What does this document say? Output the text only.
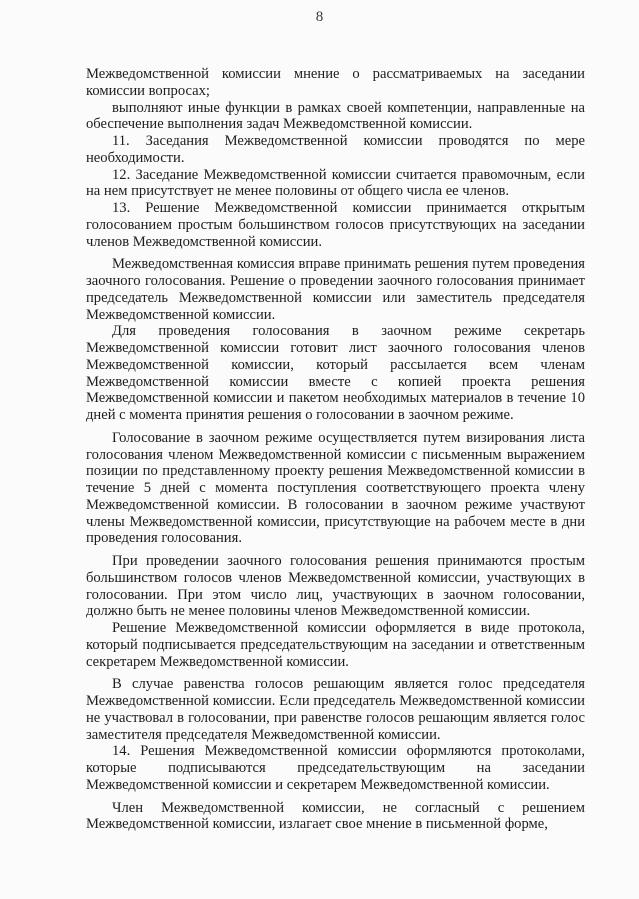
8

Межведомственной комиссии мнение о рассматриваемых на заседании комиссии вопросах;

выполняют иные функции в рамках своей компетенции, направленные на обеспечение выполнения задач Межведомственной комиссии.

11. Заседания Межведомственной комиссии проводятся по мере необходимости.

12. Заседание Межведомственной комиссии считается правомочным, если на нем присутствует не менее половины от общего числа ее членов.

13. Решение Межведомственной комиссии принимается открытым голосованием простым большинством голосов присутствующих на заседании членов Межведомственной комиссии.

Межведомственная комиссия вправе принимать решения путем проведения заочного голосования. Решение о проведении заочного голосования принимает председатель Межведомственной комиссии или заместитель председателя Межведомственной комиссии.

Для проведения голосования в заочном режиме секретарь Межведомственной комиссии готовит лист заочного голосования членов Межведомственной комиссии, который рассылается всем членам Межведомственной комиссии вместе с копией проекта решения Межведомственной комиссии и пакетом необходимых материалов в течение 10 дней с момента принятия решения о голосовании в заочном режиме.

Голосование в заочном режиме осуществляется путем визирования листа голосования членом Межведомственной комиссии с письменным выражением позиции по представленному проекту решения Межведомственной комиссии в течение 5 дней с момента поступления соответствующего проекта члену Межведомственной комиссии. В голосовании в заочном режиме участвуют члены Межведомственной комиссии, присутствующие на рабочем месте в дни проведения голосования.

При проведении заочного голосования решения принимаются простым большинством голосов членов Межведомственной комиссии, участвующих в голосовании. При этом число лиц, участвующих в заочном голосовании, должно быть не менее половины членов Межведомственной комиссии.

Решение Межведомственной комиссии оформляется в виде протокола, который подписывается председательствующим на заседании и ответственным секретарем Межведомственной комиссии.

В случае равенства голосов решающим является голос председателя Межведомственной комиссии. Если председатель Межведомственной комиссии не участвовал в голосовании, при равенстве голосов решающим является голос заместителя председателя Межведомственной комиссии.

14. Решения Межведомственной комиссии оформляются протоколами, которые подписываются председательствующим на заседании Межведомственной комиссии и секретарем Межведомственной комиссии.

Член Межведомственной комиссии, не согласный с решением Межведомственной комиссии, излагает свое мнение в письменной форме,
